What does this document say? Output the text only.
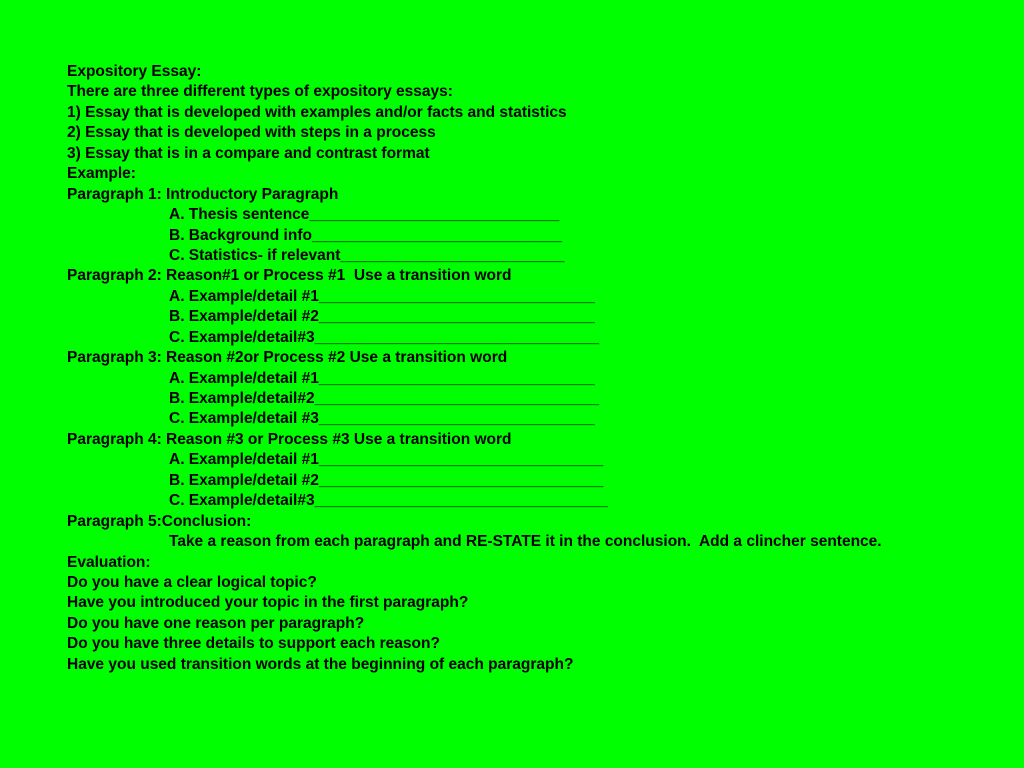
Expository Essay:
There are three different types of expository essays:
1) Essay that is developed with examples and/or facts and statistics
2) Essay that is developed with steps in a process
3) Essay that is in a compare and contrast format
Example:
Paragraph 1: Introductory Paragraph
A. Thesis sentence_____________________________
B. Background info_____________________________
C. Statistics- if relevant__________________________
Paragraph 2: Reason#1 or Process #1  Use a transition word
A. Example/detail #1________________________________
B. Example/detail #2________________________________
C. Example/detail#3_________________________________
Paragraph 3: Reason #2or Process #2 Use a transition word
A. Example/detail #1________________________________
B. Example/detail#2_________________________________
C. Example/detail #3________________________________
Paragraph 4: Reason #3 or Process #3 Use a transition word
A. Example/detail #1_________________________________
B. Example/detail #2_________________________________
C. Example/detail#3__________________________________
Paragraph 5:Conclusion:
Take a reason from each paragraph and RE-STATE it in the conclusion.  Add a clincher sentence.
Evaluation:
Do you have a clear logical topic?
Have you introduced your topic in the first paragraph?
Do you have one reason per paragraph?
Do you have three details to support each reason?
Have you used transition words at the beginning of each paragraph?
